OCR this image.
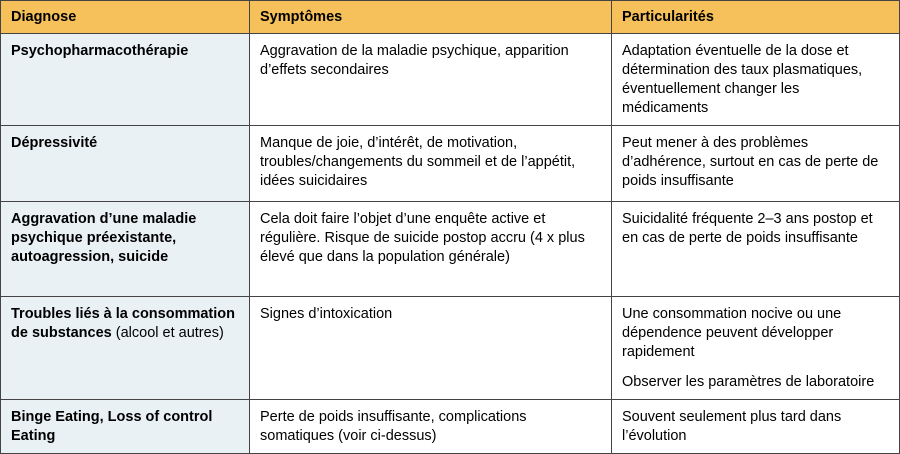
Diagnose	Symptômes	Particularités
Psychopharmacothérapie	Aggravation de la maladie psychique, apparition d’effets secondaires	Adaptation éventuelle de la dose et détermination des taux plasmatiques, éventuellement changer les médicaments

Dépressivité	Manque de joie, d’intérêt, de motivation, troubles/changements du sommeil et de l’appétit, idées suicidaires	Peut mener à des problèmes d’adhérence, surtout en cas de perte de poids insuffisante

Aggravation d’une maladie psychique préexistante, autoagression, suicide	Cela doit faire l’objet d’une enquête active et régulière. Risque de suicide postop accru (4 x plus élevé que dans la population générale)	Suicidalité fréquente 2–3 ans postop et en cas de perte de poids insuffisante

Troubles liés à la consommation de substances (alcool et autres)	Signes d’intoxication	Une consommation nocive ou une dépendence peuvent développer rapidement
Observer les paramètres de laboratoire

Binge Eating, Loss of control Eating	Perte de poids insuffisante, complications somatiques (voir ci-dessus)	Souvent seulement plus tard dans l’évolution
